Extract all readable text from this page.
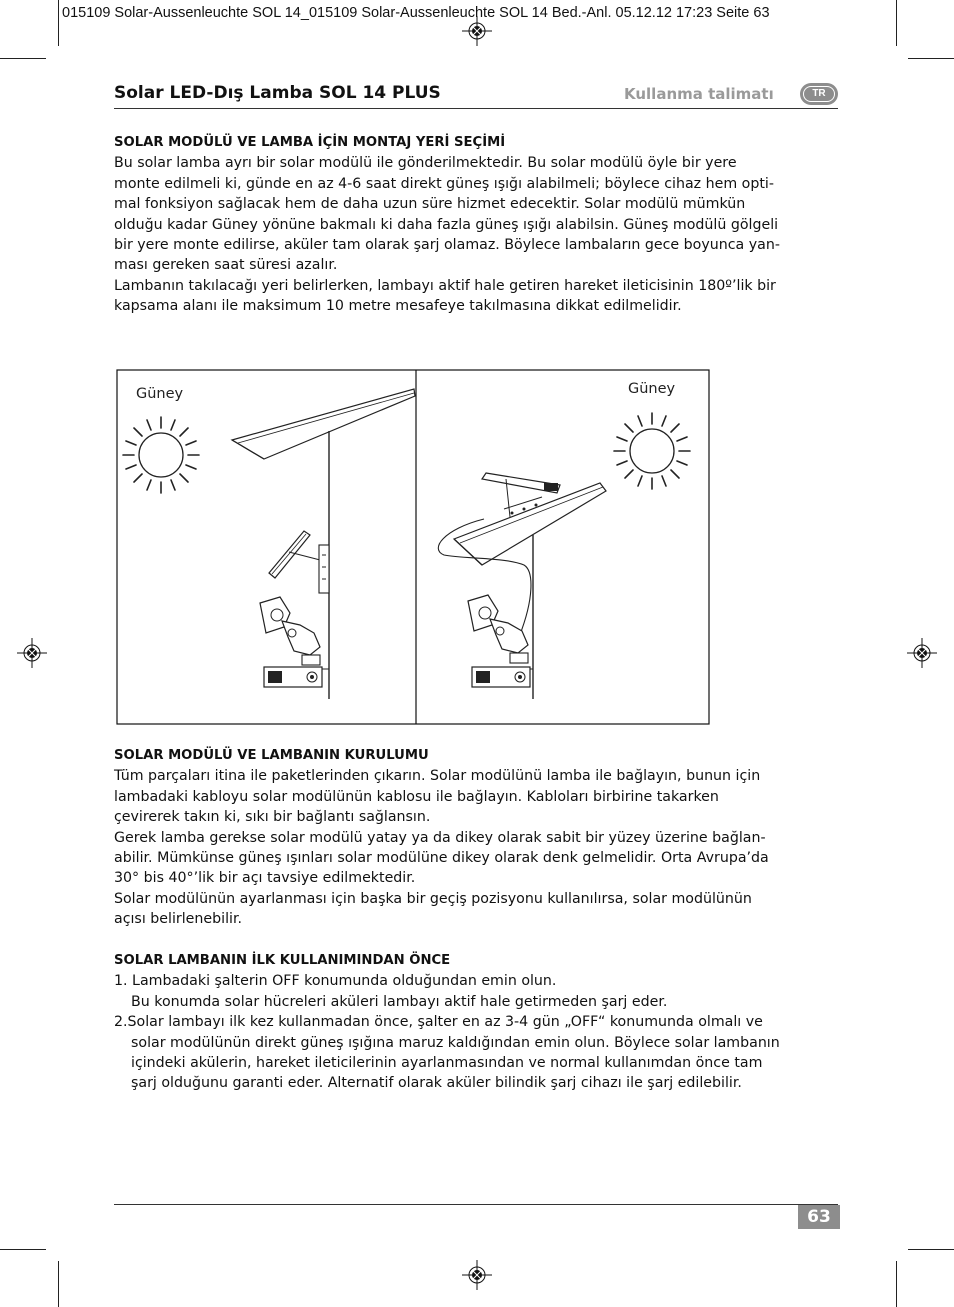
015109 Solar-Aussenleuchte SOL 14_015109 Solar-Aussenleuchte SOL 14 Bed.-Anl. 05.12.12 17:23 Seite 63
Solar LED-Dış Lamba SOL 14 PLUS	Kullanma talimatı	TR
SOLAR MODÜLÜ VE LAMBA İÇİN MONTAJ YERİ SEÇİMİ
Bu solar lamba ayrı bir solar modülü ile gönderilmektedir. Bu solar modülü öyle bir yere
monte edilmeli ki, günde en az 4-6 saat direkt güneş ışığı alabilmeli; böylece cihaz hem opti-
mal fonksiyon sağlacak hem de daha uzun süre hizmet edecektir. Solar modülü mümkün
olduğu kadar Güney yönüne bakmalı ki daha fazla güneş ışığı alabilsin. Güneş modülü gölgeli
bir yere monte edilirse, aküler tam olarak şarj olamaz. Böylece lambaların gece boyunca yan-
ması gereken saat süresi azalır.
Lambanın takılacağı yeri belirlerken, lambayı aktif hale getiren hareket ileticisinin 180º’lik bir
kapsama alanı ile maksimum 10 metre mesafeye takılmasına dikkat edilmelidir.
Güney	Güney
SOLAR MODÜLÜ VE LAMBANIN KURULUMU
Tüm parçaları itina ile paketlerinden çıkarın. Solar modülünü lamba ile bağlayın, bunun için
lambadaki kabloyu solar modülünün kablosu ile bağlayın. Kabloları birbirine takarken
çevirerek takın ki, sıkı bir bağlantı sağlansın.
Gerek lamba gerekse solar modülü yatay ya da dikey olarak sabit bir yüzey üzerine bağlan-
abilir. Mümkünse güneş ışınları solar modülüne dikey olarak denk gelmelidir. Orta Avrupa’da
30° bis 40°’lik bir açı tavsiye edilmektedir.
Solar modülünün ayarlanması için başka bir geçiş pozisyonu kullanılırsa, solar modülünün
açısı belirlenebilir.
SOLAR LAMBANIN İLK KULLANIMINDAN ÖNCE
1. Lambadaki şalterin OFF konumunda olduğundan emin olun.
Bu konumda solar hücreleri aküleri lambayı aktif hale getirmeden şarj eder.
2.Solar lambayı ilk kez kullanmadan önce, şalter en az 3-4 gün „OFF“ konumunda olmalı ve
solar modülünün direkt güneş ışığına maruz kaldığından emin olun. Böylece solar lambanın
içindeki akülerin, hareket ileticilerinin ayarlanmasından ve normal kullanımdan önce tam
şarj olduğunu garanti eder. Alternatif olarak aküler bilindik şarj cihazı ile şarj edilebilir.
63
